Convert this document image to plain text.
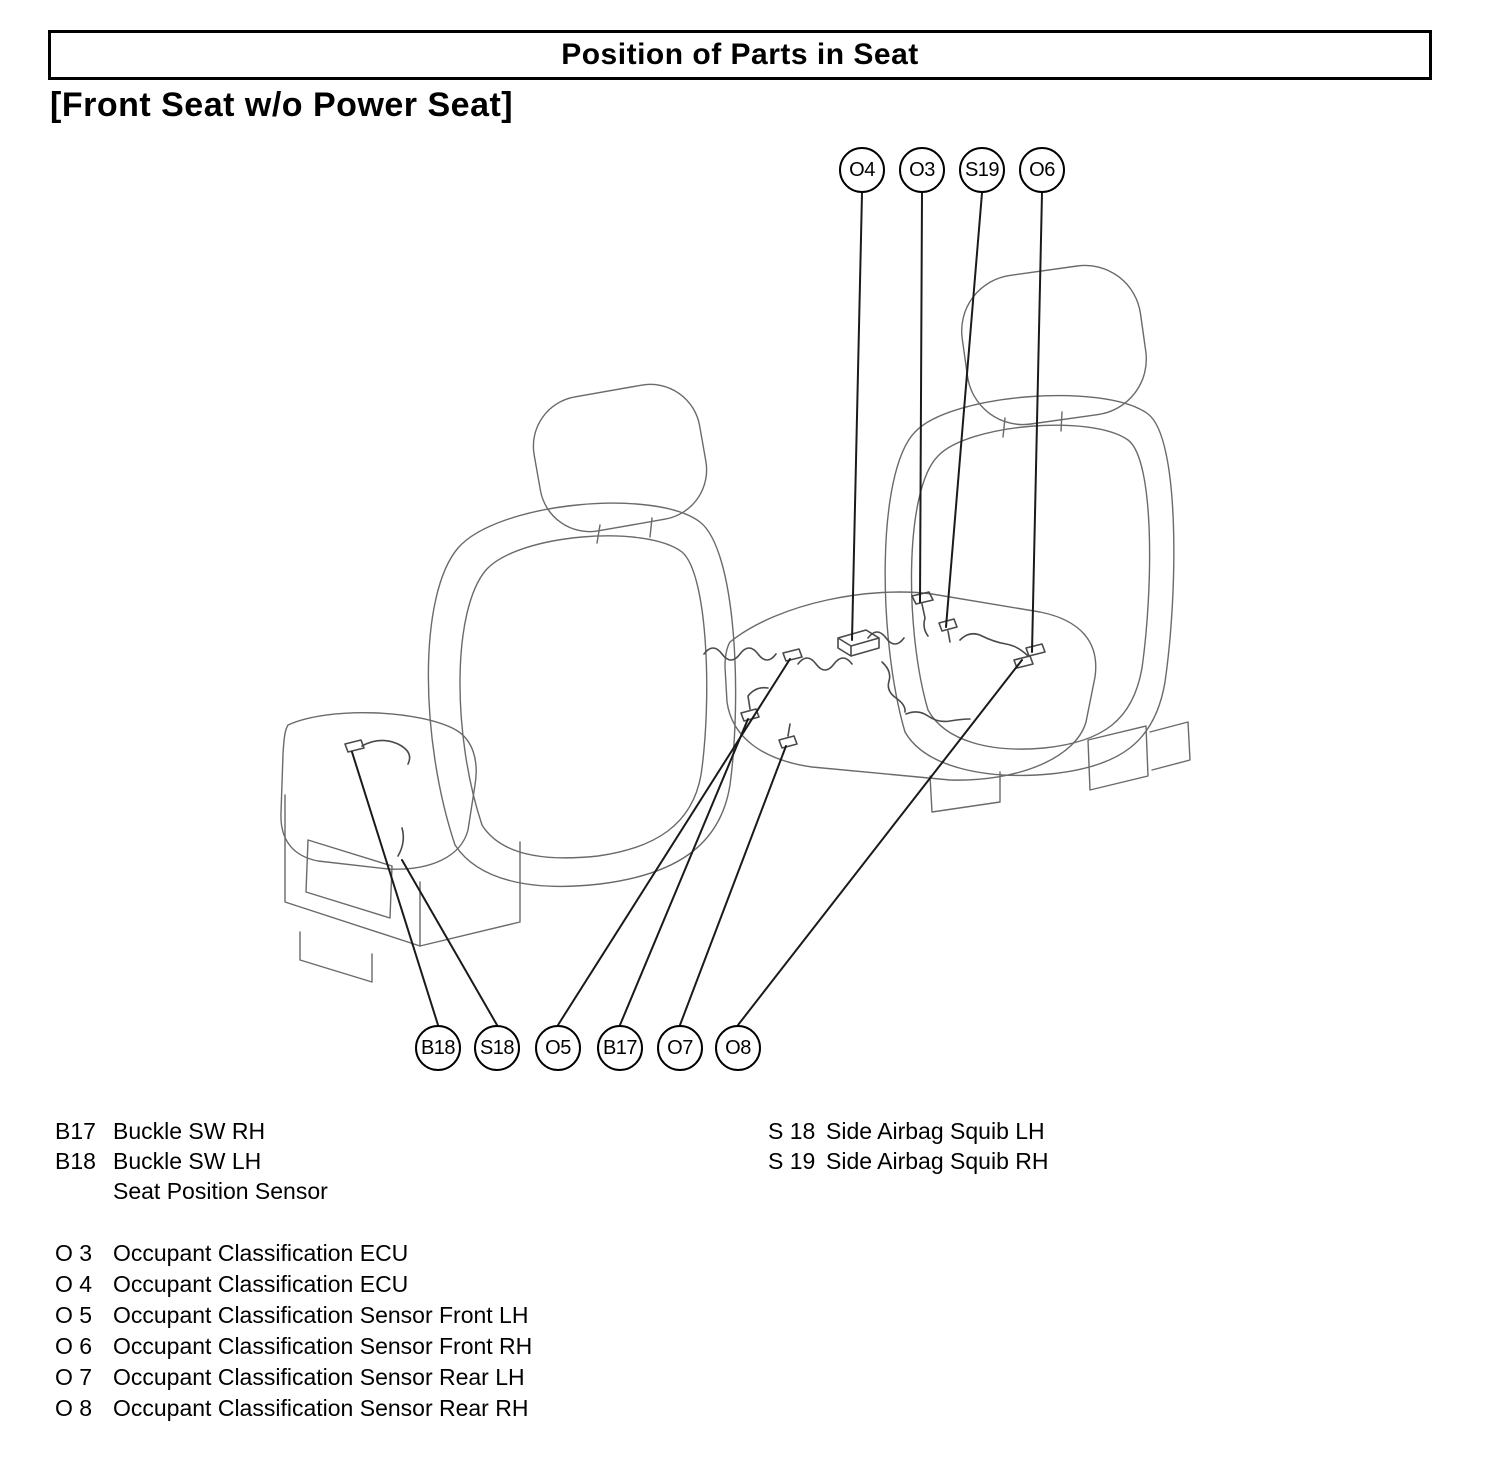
Position of Parts in Seat
[Front Seat w/o Power Seat]
O4 O3 S19 O6
B18 S18 O5 B17 O7 O8
B17 Buckle SW RH
B18 Buckle SW LH
Seat Position Sensor
S 18 Side Airbag Squib LH
S 19 Side Airbag Squib RH
O 3 Occupant Classification ECU
O 4 Occupant Classification ECU
O 5 Occupant Classification Sensor Front LH
O 6 Occupant Classification Sensor Front RH
O 7 Occupant Classification Sensor Rear LH
O 8 Occupant Classification Sensor Rear RH
